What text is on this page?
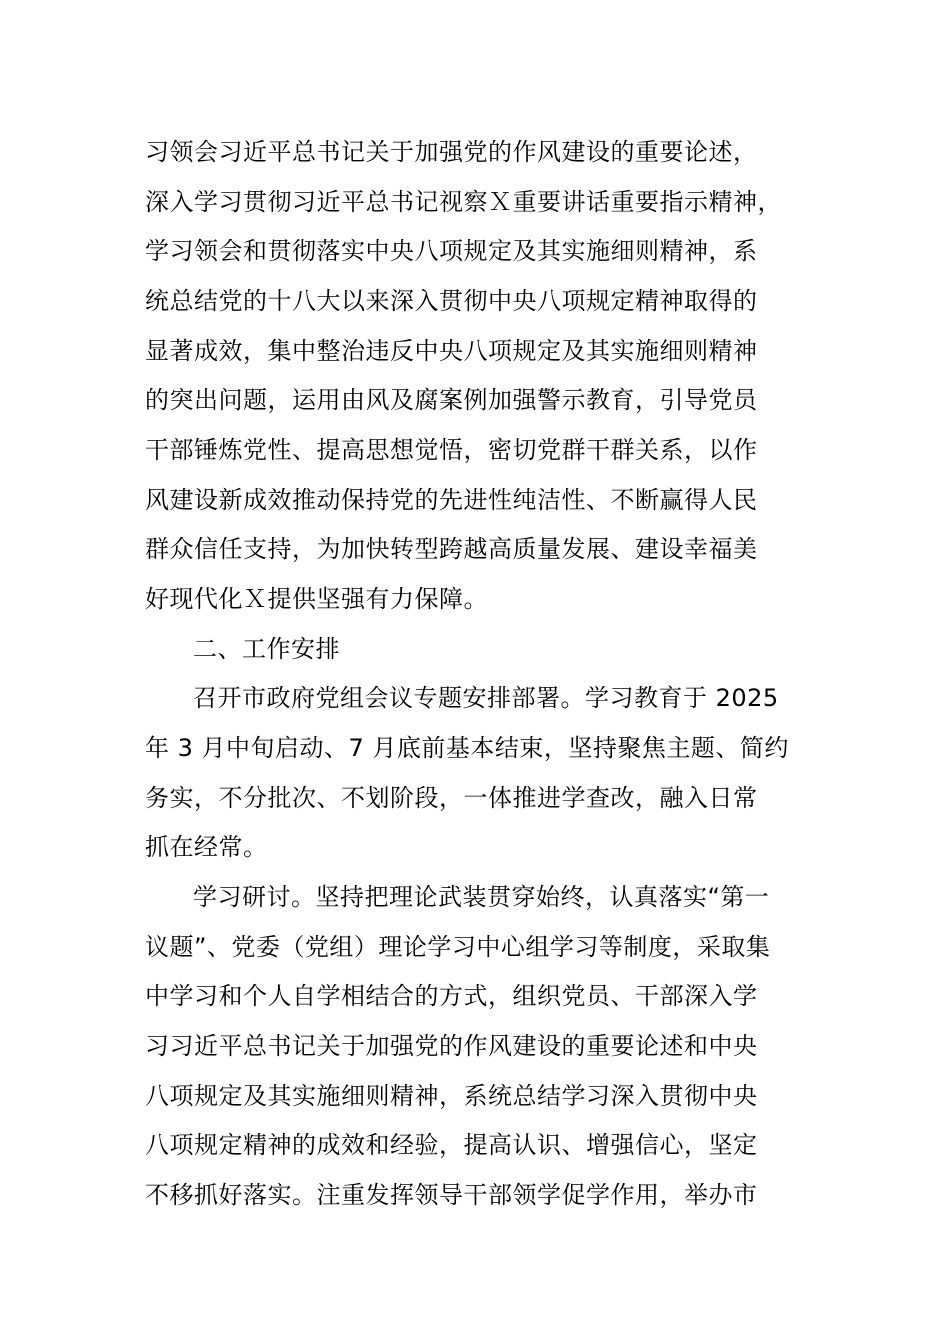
习领会习近平总书记关于加强党的作风建设的重要论述，
深入学习贯彻习近平总书记视察Ｘ重要讲话重要指示精神，
学习领会和贯彻落实中央八项规定及其实施细则精神，系
统总结党的十八大以来深入贯彻中央八项规定精神取得的
显著成效，集中整治违反中央八项规定及其实施细则精神
的突出问题，运用由风及腐案例加强警示教育，引导党员
干部锤炼党性、提高思想觉悟，密切党群干群关系，以作
风建设新成效推动保持党的先进性纯洁性、不断赢得人民
群众信任支持，为加快转型跨越高质量发展、建设幸福美
好现代化Ｘ提供坚强有力保障。
二、工作安排
召开市政府党组会议专题安排部署。学习教育于 2025
年 3 月中旬启动、7 月底前基本结束，坚持聚焦主题、简约
务实，不分批次、不划阶段，一体推进学查改，融入日常
抓在经常。
学习研讨。坚持把理论武装贯穿始终，认真落实“第一
议题”、党委（党组）理论学习中心组学习等制度，采取集
中学习和个人自学相结合的方式，组织党员、干部深入学
习习近平总书记关于加强党的作风建设的重要论述和中央
八项规定及其实施细则精神，系统总结学习深入贯彻中央
八项规定精神的成效和经验，提高认识、增强信心，坚定
不移抓好落实。注重发挥领导干部领学促学作用，举办市
